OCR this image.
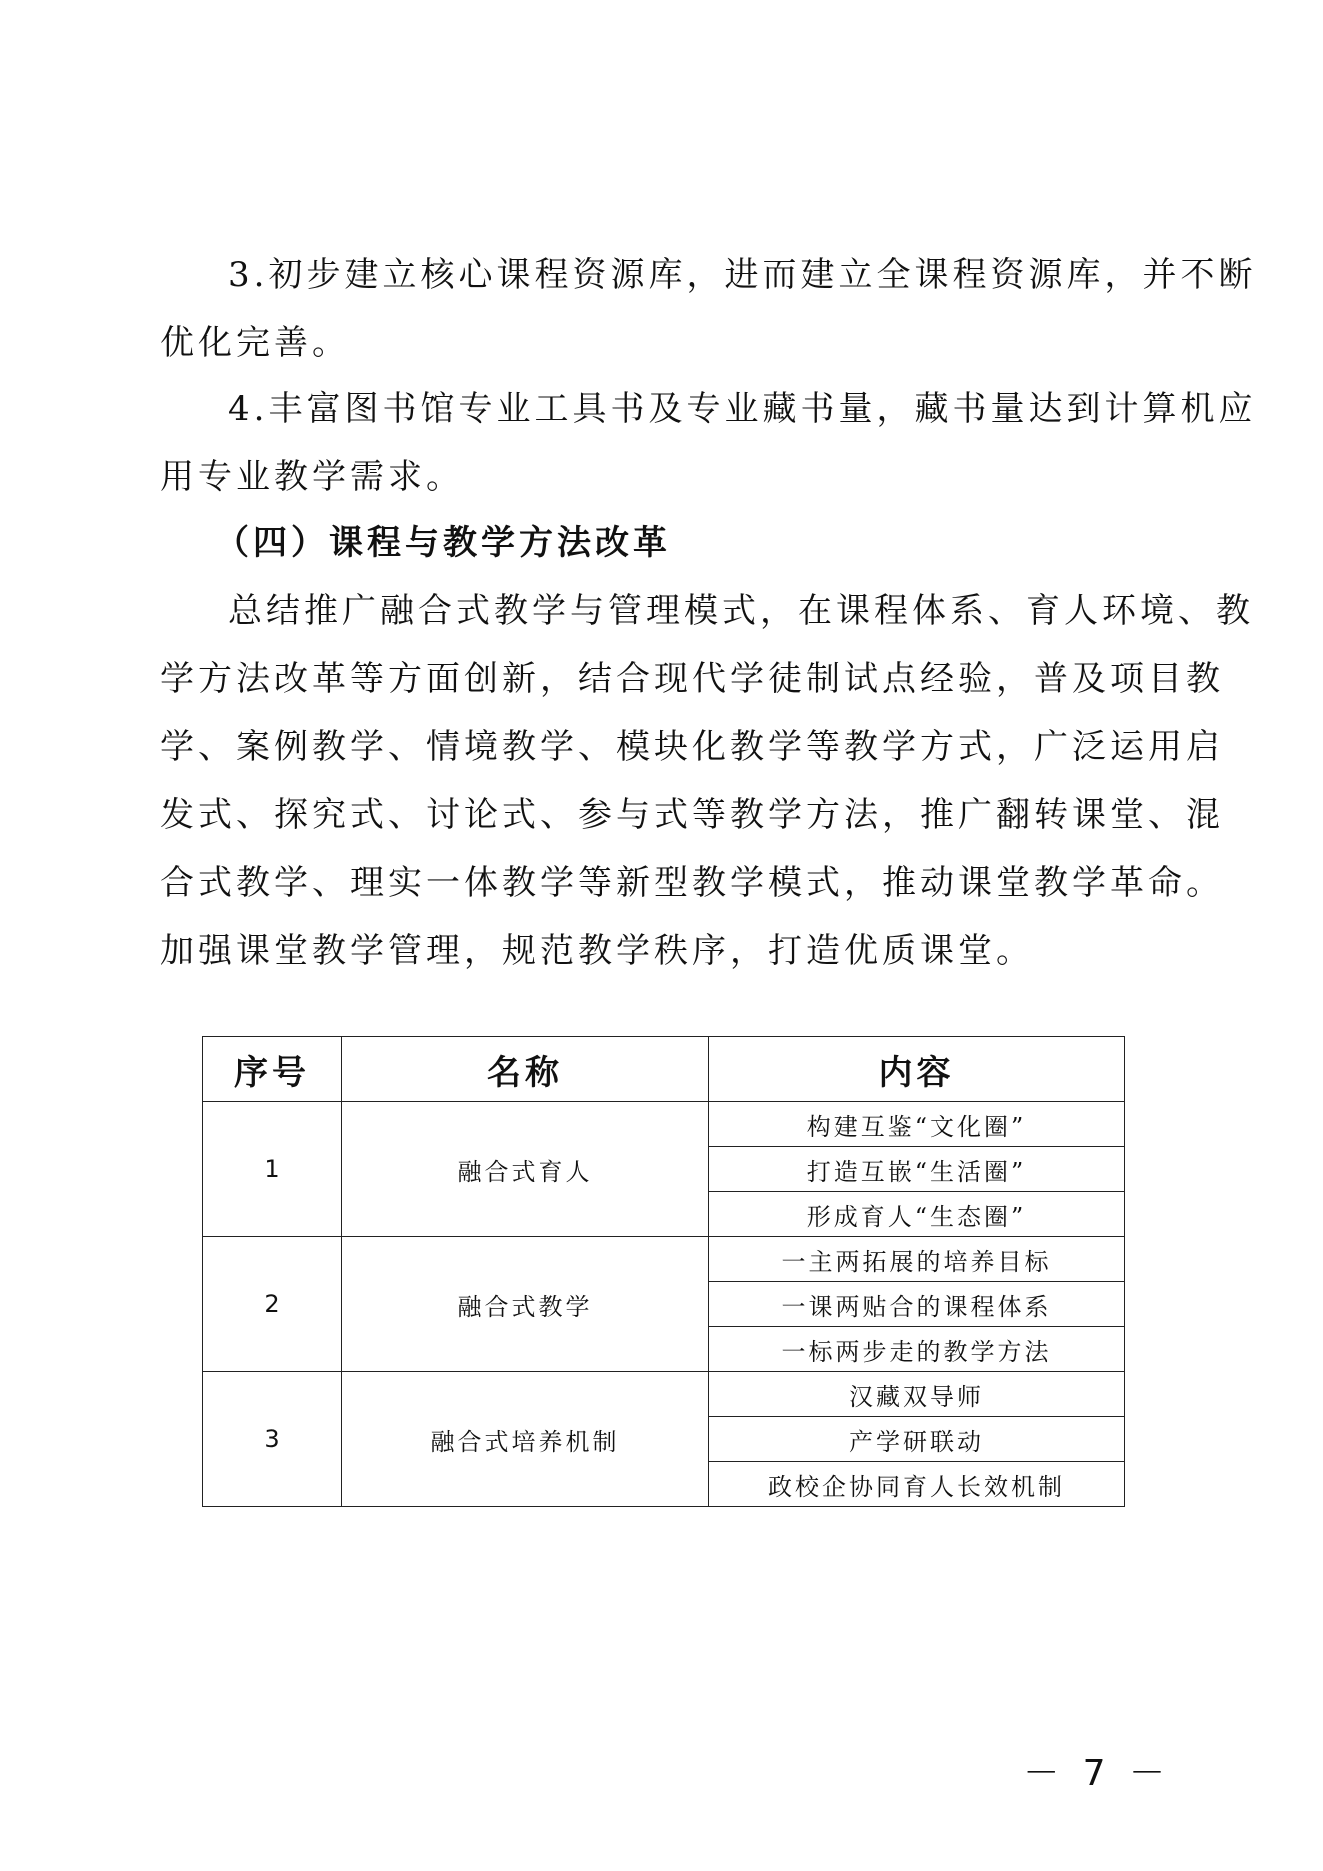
3.初步建立核心课程资源库，进而建立全课程资源库，并不断
优化完善。
4.丰富图书馆专业工具书及专业藏书量，藏书量达到计算机应
用专业教学需求。
（四）课程与教学方法改革
总结推广融合式教学与管理模式，在课程体系、育人环境、教
学方法改革等方面创新，结合现代学徒制试点经验，普及项目教
学、案例教学、情境教学、模块化教学等教学方式，广泛运用启
发式、探究式、讨论式、参与式等教学方法，推广翻转课堂、混
合式教学、理实一体教学等新型教学模式，推动课堂教学革命。
加强课堂教学管理，规范教学秩序，打造优质课堂。
序号	名称	内容
1	融合式育人	构建互鉴“文化圈”
		打造互嵌“生活圈”
		形成育人“生态圈”
2	融合式教学	一主两拓展的培养目标
		一课两贴合的课程体系
		一标两步走的教学方法
3	融合式培养机制	汉藏双导师
		产学研联动
		政校企协同育人长效机制
－ 7 －
